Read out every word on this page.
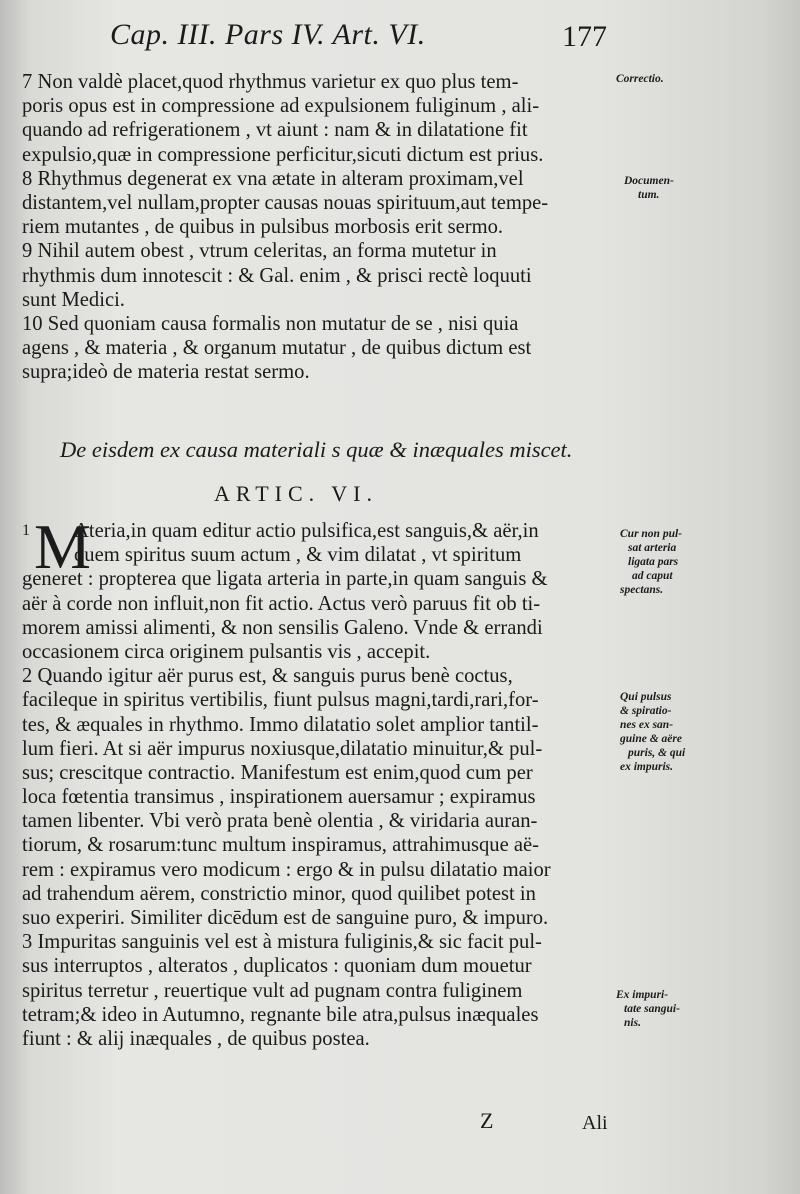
Cap. III. Pars IV. Art. VI.	177
7 Non valdè placet,quod rhythmus varietur ex quo plus tem-
poris opus est in compressione ad expulsionem fuliginum , ali-
quando ad refrigerationem , vt aiunt : nam & in dilatatione fit
expulsio,quæ in compressione perficitur,sicuti dictum est prius.
8 Rhythmus degenerat ex vna ætate in alteram proximam,vel
distantem,vel nullam,propter causas nouas spirituum,aut tempe-
riem mutantes , de quibus in pulsibus morbosis erit sermo.
9 Nihil autem obest , vtrum celeritas, an forma mutetur in
rhythmis dum innotescit : & Gal. enim , & prisci rectè loquuti
sunt Medici.
10 Sed quoniam causa formalis non mutatur de se , nisi quia
agens , & materia , & organum mutatur , de quibus dictum est
supra;ideò de materia restat sermo.
Correctio.
Documen-
tum.
De eisdem ex causa materiali s quæ & inæquales miscet.
ARTIC. VI.
1 M
Ateria,in quam editur actio pulsifica,est sanguis,& aër,in
quem spiritus suum actum , & vim dilatat , vt spiritum
generet : propterea que ligata arteria in parte,in quam sanguis &
aër à corde non influit,non fit actio. Actus verò paruus fit ob ti-
morem amissi alimenti, & non sensilis Galeno. Vnde & errandi
occasionem circa originem pulsantis vis , accepit.
2 Quando igitur aër purus est, & sanguis purus benè coctus,
facileque in spiritus vertibilis, fiunt pulsus magni,tardi,rari,for-
tes, & æquales in rhythmo. Immo dilatatio solet amplior tantil-
lum fieri. At si aër impurus noxiusque,dilatatio minuitur,& pul-
sus; crescitque contractio. Manifestum est enim,quod cum per
loca fœtentia transimus , inspirationem auersamur ; expiramus
tamen libenter. Vbi verò prata benè olentia , & viridaria auran-
tiorum, & rosarum:tunc multum inspiramus, attrahimusque aë-
rem : expiramus vero modicum : ergo & in pulsu dilatatio maior
ad trahendum aërem, constrictio minor, quod quilibet potest in
suo experiri. Similiter dicēdum est de sanguine puro, & impuro.
3 Impuritas sanguinis vel est à mistura fuliginis,& sic facit pul-
sus interruptos , alteratos , duplicatos : quoniam dum mouetur
spiritus terretur , reuertique vult ad pugnam contra fuliginem
tetram;& ideo in Autumno, regnante bile atra,pulsus inæquales
fiunt : & alij inæquales , de quibus postea.
Cur non pul-
sat arteria
ligata pars
ad caput
spectans.
Qui pulsus
& spiratio-
nes ex san-
guine & aëre
puris, & qui
ex impuris.
Ex impuri-
tate sangui-
nis.
Z	Ali
